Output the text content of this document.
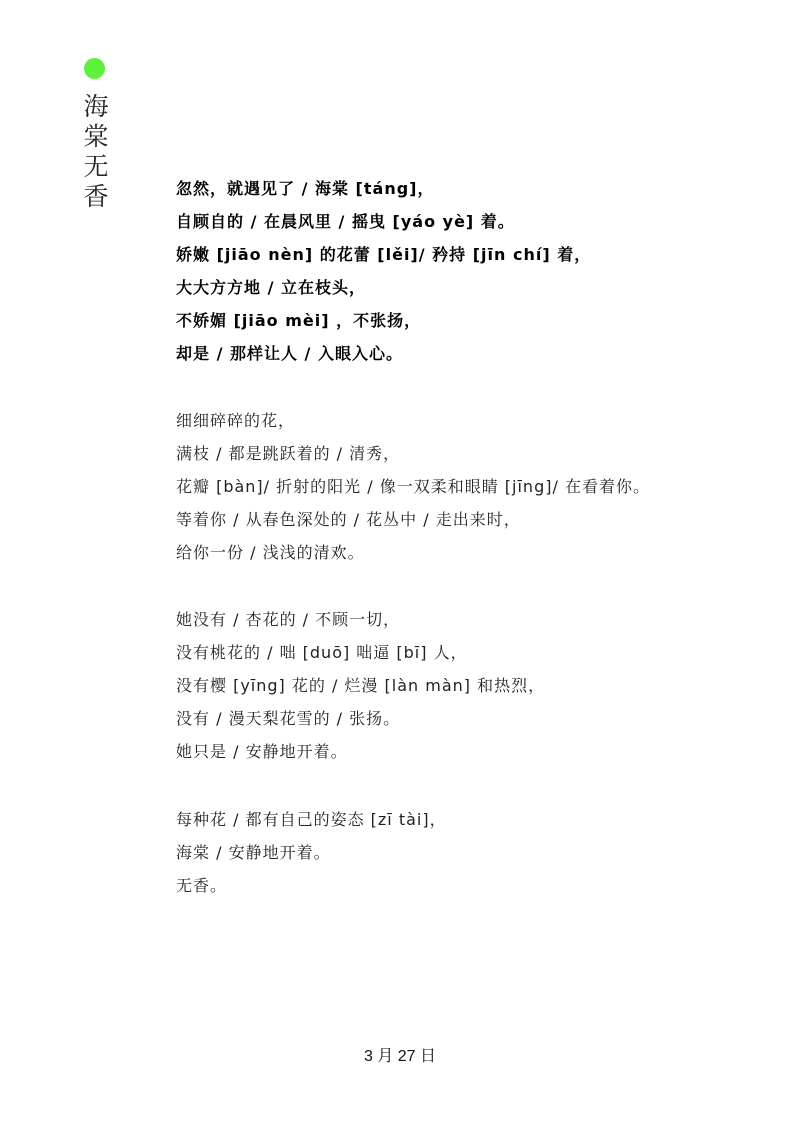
海
棠
无
香	忽然，就遇见了 / 海棠 [táng]，
自顾自的 / 在晨风里 / 摇曳 [yáo yè] 着。
娇嫩 [jiāo nèn] 的花蕾 [lěi]/ 矜持 [jīn chí] 着，
大大方方地 / 立在枝头，
不娇媚 [jiāo mèi] ，不张扬，
却是 / 那样让人 / 入眼入心。
细细碎碎的花，
满枝 / 都是跳跃着的 / 清秀，
花瓣 [bàn]/ 折射的阳光 / 像一双柔和眼睛 [jīng]/ 在看着你。
等着你 / 从春色深处的 / 花丛中 / 走出来时，
给你一份 / 浅浅的清欢。
她没有 / 杏花的 / 不顾一切，
没有桃花的 / 咄 [duō] 咄逼 [bī] 人，
没有樱 [yīng] 花的 / 烂漫 [làn màn] 和热烈，
没有 / 漫天梨花雪的 / 张扬。
她只是 / 安静地开着。
每种花 / 都有自己的姿态 [zī tài]，
海棠 / 安静地开着。
无香。
3 月 27 日
